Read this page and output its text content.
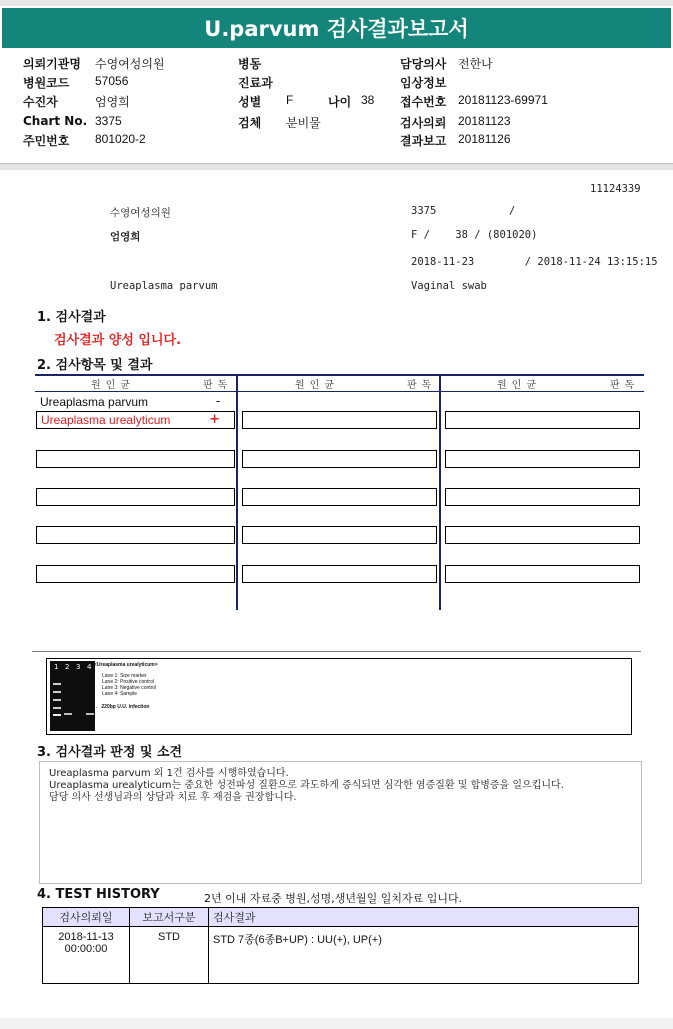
U.parvum 검사결과보고서
의뢰기관명 수영여성의원	병동	담당의사 전한나
병원코드 57056	진료과	임상정보
수진자	엄영희	성별 F	나이 38 접수번호 20181123-69971
Chart No. 3375	검체 분비물	검사의뢰 20181123
주민번호 801020-2	결과보고 20181126
11124339
수영여성의원	3375	/
엄영희	F /    38 / (801020)
2018-11-23        / 2018-11-24 13:15:15
Ureaplasma parvum	Vaginal swab
1. 검사결과
검사결과 양성 입니다.
2. 검사항목 및 결과
원인균	판독	원인균	판독	원인균	판독
Ureaplasma parvum	-
Ureaplasma urealyticum	+
1 2 3 4 <Ureaplasma urealyticum>
Lane 1: Size marker
Lane 2: Positive control
Lane 3: Negative control
Lane 4: Sample
← 220bp U.U. infection
3. 검사결과 판정 및 소견
Ureaplasma parvum 외 1건 검사를 시행하였습니다.
Ureaplasma urealyticum는 중요한 성전파성 질환으로 과도하게 증식되면 심각한 염증질환 및 합병증을 일으킵니다.
담당 의사 선생님과의 상담과 치료 후 재검을 권장합니다.
4. TEST HISTORY	2년 이내 자료중 병원,성명,생년월일 일치자료 입니다.
검사의뢰일	보고서구분	검사결과

2018-11-13
00:00:00	STD	STD 7종(6종B+UP) : UU(+), UP(+)
